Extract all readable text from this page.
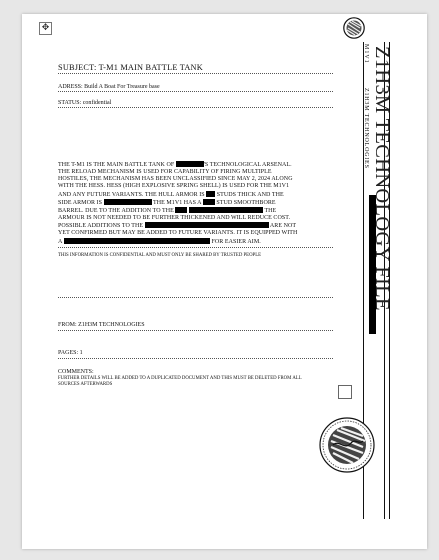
✥
SUBJECT: T-M1 MAIN BATTLE TANK
ADRESS: Build A Boat For Treasure base
STATUS: confidential
THE T-M1 IS THE MAIN BATTLE TANK OF	'S TECHNOLOGICAL ARSENAL. THE RELOAD MECHANISM IS USED FOR CAPABILITY OF FIRING MULTIPLE HOSTILES, THE MECHANISM HAS BEEN UNCLASSIFIED SINCE MAY 2, 2024 ALONG WITH THE HESS. HESS (HIGH EXPLOSIVE SPRING SHELL) IS USED FOR THE M1V1 AND ANY FUTURE VARIANTS. THE HULL ARMOR IS STUDS THICK AND THE SIDE ARMOR IS	THE M1V1 HAS A	STUD SMOOTHBORE BARREL. DUE TO THE ADDITION TO THE	THE ARMOUR IS NOT NEEDED TO BE FURTHER THICKENED AND WILL REDUCE COST. POSSIBLE ADDITIONS TO THE	ARE NOT YET CONFIRMED BUT MAY BE ADDED TO FUTURE VARIANTS. IT IS EQUIPPED WITH A	FOR EASIER AIM.
THIS INFORMATION IS CONFIDENTIAL AND MUST ONLY BE SHARED BY TRUSTED PEOPLE
FROM: Z1H3M TECHNOLOGIES
PAGES: 1
COMMENTS:
FURTHER DETAILS WILL BE ADDED TO A DUPLICATED DOCUMENT AND THIS MUST BE DELETED FROM ALL SOURCES AFTERWARDS
M1V1
Z1H3M TECHNOLOGIES Z1H3M TECHNOLOGY FILE
